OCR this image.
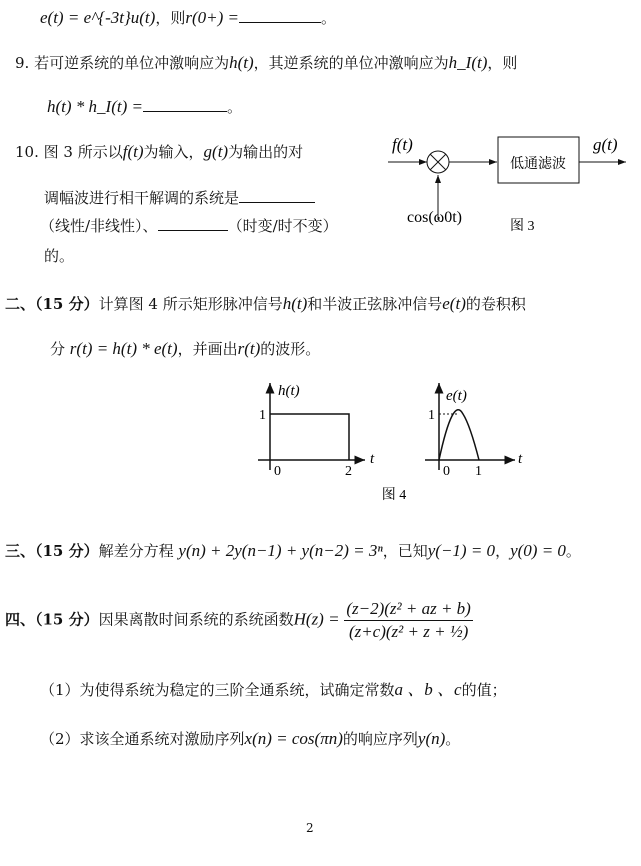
e(t) = e^{-3t}u(t)，则r(0+) =	。
9. 若可逆系统的单位冲激响应为h(t)，其逆系统的单位冲激响应为h_I(t)，则
h(t) * h_I(t) =	。
10. 图 3 所示以f(t)为输入，g(t)为输出的对
调幅波进行相干解调的系统是
（线性/非线性）、	（时变/时不变）
的。
f(t)
低通滤波
g(t)
cos(ω0t)
图 3
二、（15 分）计算图 4 所示矩形脉冲信号h(t)和半波正弦脉冲信号e(t)的卷积积
分 r(t) = h(t) * e(t)，并画出r(t)的波形。
h(t)
1
0	2
t
e(t)
1
0 1
t
图 4
三、（15 分）解差分方程 y(n) + 2y(n−1) + y(n−2) = 3ⁿ，已知y(−1) = 0，y(0) = 0。
四、（15 分）因果离散时间系统的系统函数$H(z) = \frac{\text{(z−2)(z² + az + b)}}{\text{(z+c)(z² + z + ½)}}$
（1）为使得系统为稳定的三阶全通系统，试确定常数a 、b 、c的值；
（2）求该全通系统对激励序列x(n) = cos(πn)的响应序列y(n)。
2
